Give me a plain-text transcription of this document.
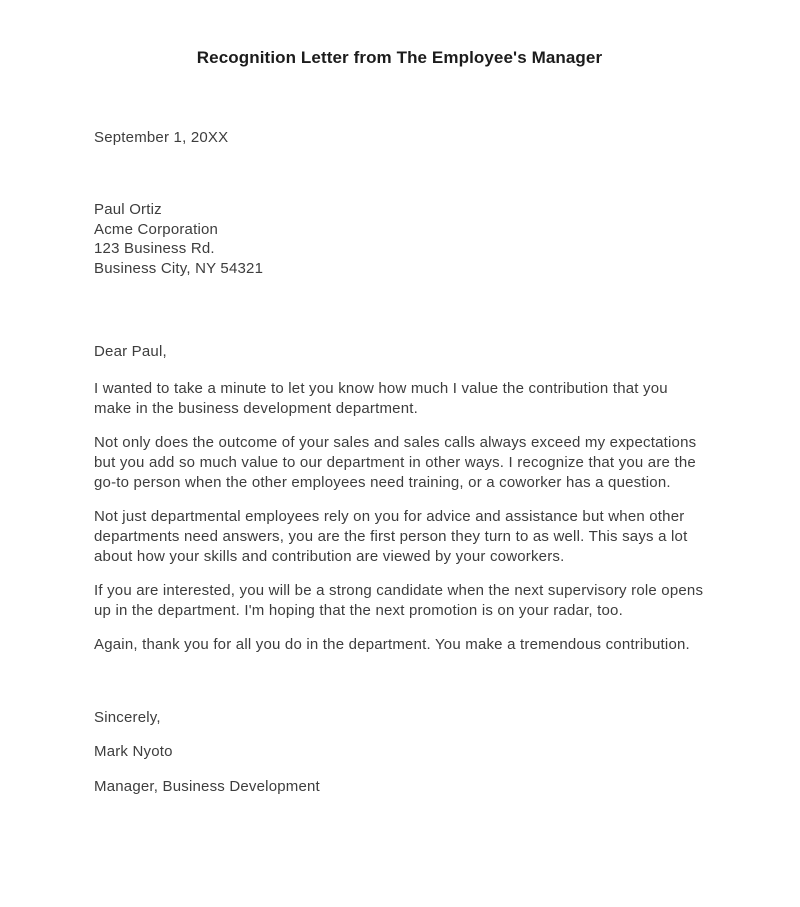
Recognition Letter from The Employee's Manager
September 1, 20XX
Paul Ortiz
Acme Corporation
123 Business Rd.
Business City, NY 54321
Dear Paul,

I wanted to take a minute to let you know how much I value the contribution that you make in the business development department.

Not only does the outcome of your sales and sales calls always exceed my expectations but you add so much value to our department in other ways. I recognize that you are the go-to person when the other employees need training, or a coworker has a question.

Not just departmental employees rely on you for advice and assistance but when other departments need answers, you are the first person they turn to as well. This says a lot about how your skills and contribution are viewed by your coworkers.

If you are interested, you will be a strong candidate when the next supervisory role opens up in the department. I'm hoping that the next promotion is on your radar, too.

Again, thank you for all you do in the department. You make a tremendous contribution.

Sincerely,
Mark Nyoto
Manager, Business Development
